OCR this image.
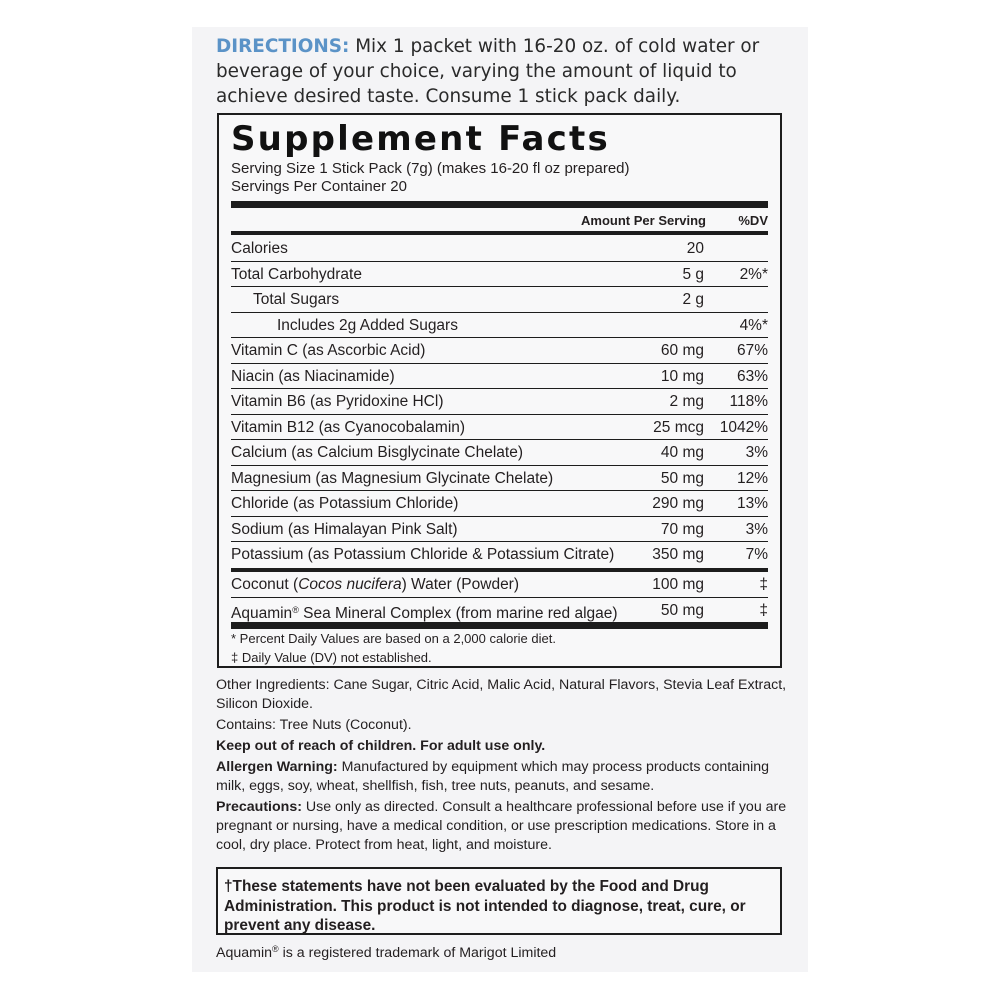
DIRECTIONS: Mix 1 packet with 16-20 oz. of cold water or beverage of your choice, varying the amount of liquid to achieve desired taste. Consume 1 stick pack daily.
Supplement Facts
Serving Size 1 Stick Pack (7g) (makes 16-20 fl oz prepared)
Servings Per Container 20
Amount Per Serving %DV
Calories	20
Total Carbohydrate	5 g 2%*
Total Sugars	2 g
Includes 2g Added Sugars	4%*
Vitamin C (as Ascorbic Acid)	60 mg 67%
Niacin (as Niacinamide)	10 mg 63%
Vitamin B6 (as Pyridoxine HCl)	2 mg 118%
Vitamin B12 (as Cyanocobalamin)	25 mcg 1042%
Calcium (as Calcium Bisglycinate Chelate)	40 mg	3%
Magnesium (as Magnesium Glycinate Chelate)	50 mg 12%
Chloride (as Potassium Chloride)	290 mg 13%
Sodium (as Himalayan Pink Salt)	70 mg	3%
Potassium (as Potassium Chloride & Potassium Citrate) 350 mg	7%
Coconut (Cocos nucifera) Water (Powder)	100 mg	‡
Aquamin® Sea Mineral Complex (from marine red algae)	50 mg	‡
* Percent Daily Values are based on a 2,000 calorie diet.
‡ Daily Value (DV) not established.

Other Ingredients: Cane Sugar, Citric Acid, Malic Acid, Natural Flavors, Stevia Leaf Extract, Silicon Dioxide.

Contains: Tree Nuts (Coconut).

Keep out of reach of children. For adult use only.

Allergen Warning: Manufactured by equipment which may process products containing milk, eggs, soy, wheat, shellfish, fish, tree nuts, peanuts, and sesame.

Precautions: Use only as directed. Consult a healthcare professional before use if you are pregnant or nursing, have a medical condition, or use prescription medications. Store in a cool, dry place. Protect from heat, light, and moisture.

†These statements have not been evaluated by the Food and Drug Administration. This product is not intended to diagnose, treat, cure, or prevent any disease.
Aquamin® is a registered trademark of Marigot Limited
